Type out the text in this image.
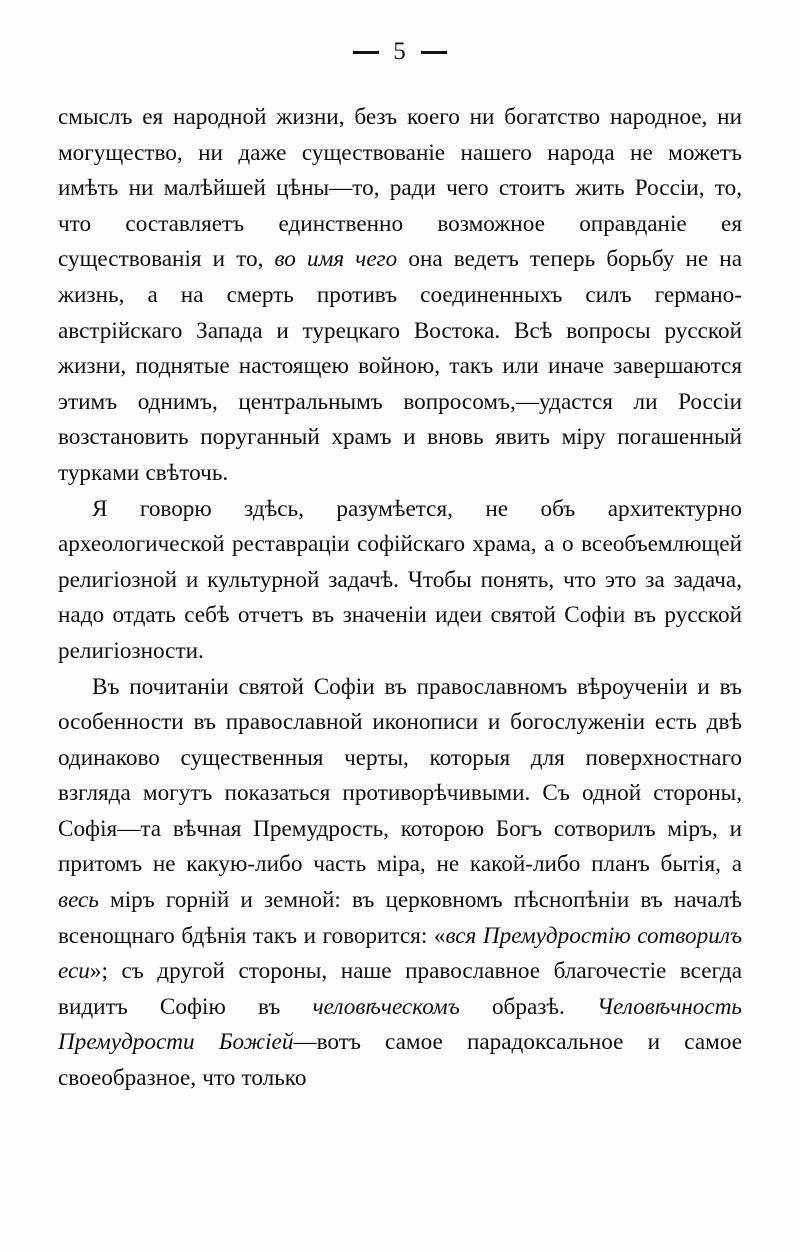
5

смыслъ ея народной жизни, безъ коего ни богатство народное, ни могущество, ни даже существованіе нашего народа не можетъ имѣть ни малѣйшей цѣны—то, ради чего стоитъ жить Россіи, то, что составляетъ единственно возможное оправданіе ея существованія и то, во имя чего она ведетъ теперь борьбу не на жизнь, а на смерть противъ соединенныхъ силъ германо-австрійскаго Запада и турецкаго Востока. Всѣ вопросы русской жизни, поднятые настоящею войною, такъ или иначе завершаются этимъ однимъ, центральнымъ вопросомъ,—удастся ли Россіи возстановить поруганный храмъ и вновь явить міру погашенный турками свѣточь.

Я говорю здѣсь, разумѣется, не объ архитектурно археологической реставраціи софійскаго храма, а о всеобъемлющей религіозной и культурной задачѣ. Чтобы понять, что это за задача, надо отдать себѣ отчетъ въ значеніи идеи святой Софіи въ русской религіозности.

Въ почитаніи святой Софіи въ православномъ вѣроученіи и въ особенности въ православной иконописи и богослуженіи есть двѣ одинаково существенныя черты, которыя для поверхностнаго взгляда могутъ показаться противорѣчивыми. Съ одной стороны, Софія—та вѣчная Премудрость, которою Богъ сотворилъ міръ, и притомъ не какую-либо часть міра, не какой-либо планъ бытія, а весь міръ горній и земной: въ церковномъ пѣснопѣніи въ началѣ всенощнаго бдѣнія такъ и говорится: «вся Премудростію сотворилъ еси»; съ другой стороны, наше православное благочестіе всегда видитъ Софію въ человѣческомъ образѣ. Человѣчность Премудрости Божіей—вотъ самое парадоксальное и самое своеобразное, что только
